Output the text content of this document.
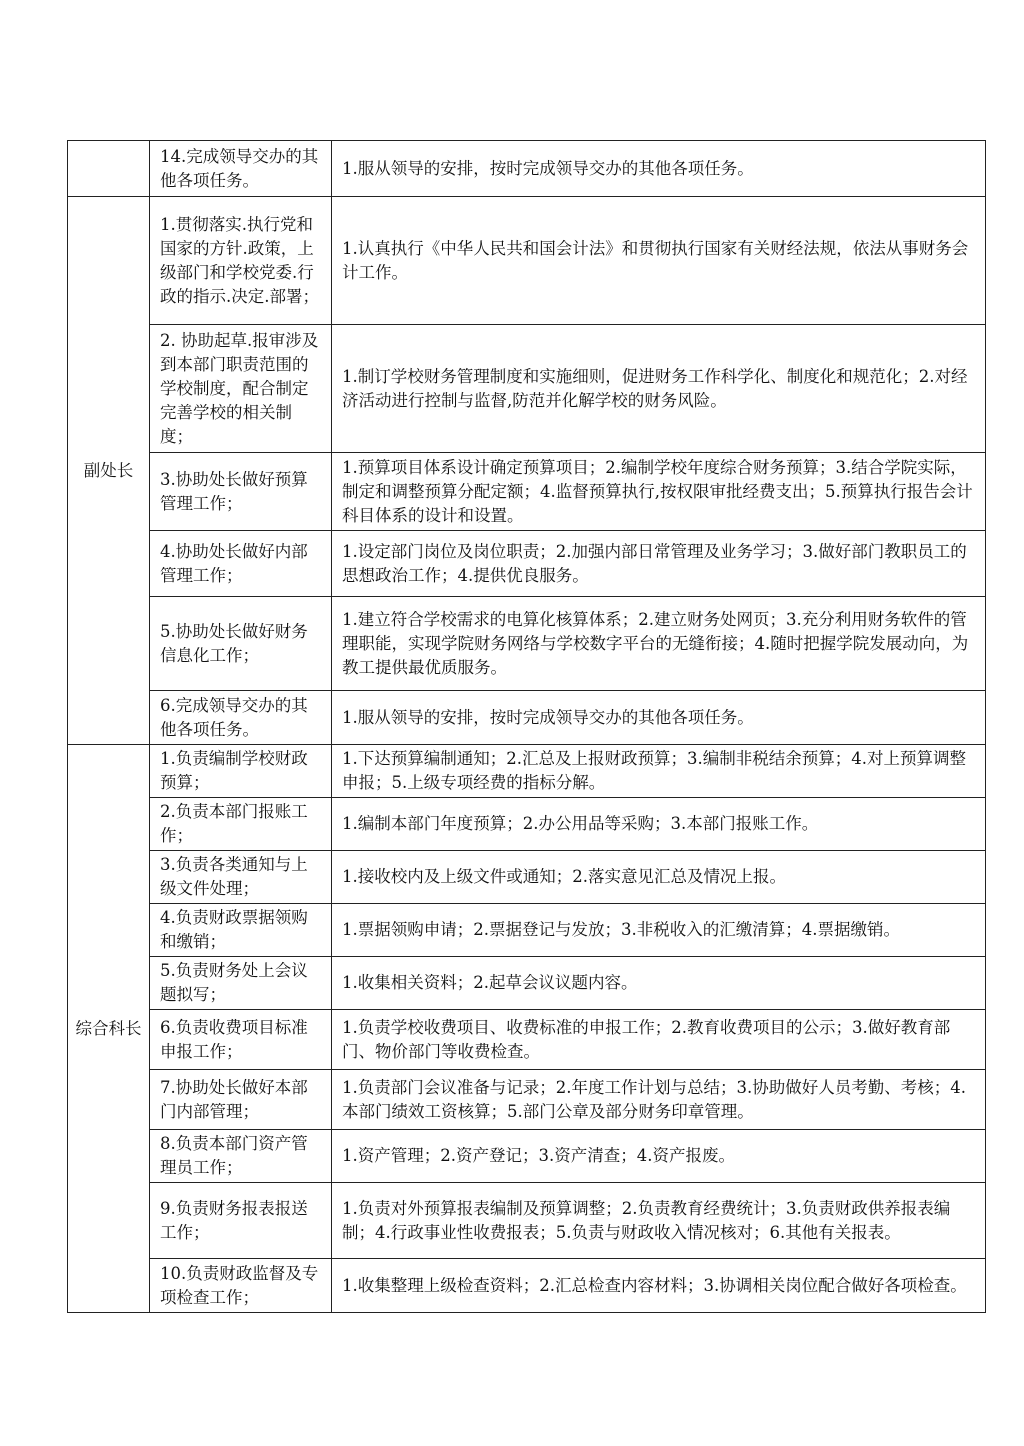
	14.完成领导交办的其他各项任务。	1.服从领导的安排，按时完成领导交办的其他各项任务。
副处长	1.贯彻落实.执行党和国家的方针.政策，上级部门和学校党委.行政的指示.决定.部署；	1.认真执行《中华人民共和国会计法》和贯彻执行国家有关财经法规，依法从事财务会计工作。
	2. 协助起草.报审涉及到本部门职责范围的学校制度，配合制定完善学校的相关制度；	1.制订学校财务管理制度和实施细则，促进财务工作科学化、制度化和规范化；2.对经济活动进行控制与监督,防范并化解学校的财务风险。
	3.协助处长做好预算管理工作；	1.预算项目体系设计确定预算项目；2.编制学校年度综合财务预算；3.结合学院实际，制定和调整预算分配定额；4.监督预算执行,按权限审批经费支出；5.预算执行报告会计科目体系的设计和设置。
	4.协助处长做好内部管理工作；	1.设定部门岗位及岗位职责；2.加强内部日常管理及业务学习；3.做好部门教职员工的思想政治工作；4.提供优良服务。
	5.协助处长做好财务信息化工作；	1.建立符合学校需求的电算化核算体系；2.建立财务处网页；3.充分利用财务软件的管理职能，实现学院财务网络与学校数字平台的无缝衔接；4.随时把握学院发展动向，为教工提供最优质服务。
	6.完成领导交办的其他各项任务。	1.服从领导的安排，按时完成领导交办的其他各项任务。
综合科长	1.负责编制学校财政预算；	1.下达预算编制通知；2.汇总及上报财政预算；3.编制非税结余预算；4.对上预算调整申报；5.上级专项经费的指标分解。
	2.负责本部门报账工作；	1.编制本部门年度预算；2.办公用品等采购；3.本部门报账工作。
	3.负责各类通知与上级文件处理；	1.接收校内及上级文件或通知；2.落实意见汇总及情况上报。
	4.负责财政票据领购和缴销；	1.票据领购申请；2.票据登记与发放；3.非税收入的汇缴清算；4.票据缴销。
	5.负责财务处上会议题拟写；	1.收集相关资料；2.起草会议议题内容。
	6.负责收费项目标准申报工作；	1.负责学校收费项目、收费标准的申报工作；2.教育收费项目的公示；3.做好教育部门、物价部门等收费检查。
	7.协助处长做好本部门内部管理；	1.负责部门会议准备与记录；2.年度工作计划与总结；3.协助做好人员考勤、考核；4.本部门绩效工资核算；5.部门公章及部分财务印章管理。
	8.负责本部门资产管理员工作；	1.资产管理；2.资产登记；3.资产清查；4.资产报废。
	9.负责财务报表报送工作；	1.负责对外预算报表编制及预算调整；2.负责教育经费统计；3.负责财政供养报表编制；4.行政事业性收费报表；5.负责与财政收入情况核对；6.其他有关报表。
	10.负责财政监督及专项检查工作；	1.收集整理上级检查资料；2.汇总检查内容材料；3.协调相关岗位配合做好各项检查。
